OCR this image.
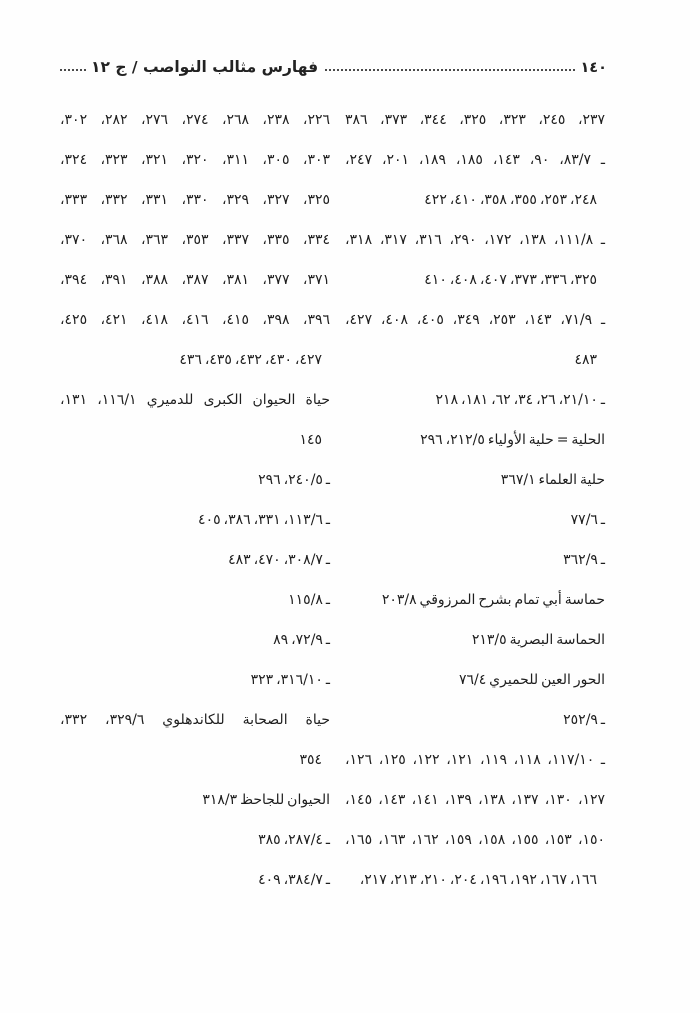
فهارس مثالب النواصب / ج ١٢	١٤٠
٢٣٧، ٢٤٥، ٣٢٣، ٣٢٥، ٣٤٤، ٣٧٣، ٣٨٦
ـ ٨٣/٧، ٩٠، ١٤٣، ١٨٥، ١٨٩، ٢٠١، ٢٤٧،
٢٤٨، ٢٥٣، ٣٥٥، ٣٥٨، ٤١٠، ٤٢٢
ـ ١١١/٨، ١٣٨، ١٧٢، ٢٩٠، ٣١٦، ٣١٧، ٣١٨،
٣٢٥، ٣٣٦، ٣٧٣، ٤٠٧، ٤٠٨، ٤١٠
ـ ٧١/٩، ١٤٣، ٢٥٣، ٣٤٩، ٤٠٥، ٤٠٨، ٤٢٧،
٤٨٣
ـ ٢١/١٠، ٢٦، ٣٤، ٦٢، ١٨١، ٢١٨
الحلية = حلية الأولياء ٢١٢/٥، ٢٩٦
حلية العلماء ٣٦٧/١
ـ ٧٧/٦
ـ ٣٦٢/٩
حماسة أبي تمام بشرح المرزوقي ٢٠٣/٨
الحماسة البصرية ٢١٣/٥
الحور العين للحميري ٧٦/٤
ـ ٢٥٢/٩
ـ ١١٧/١٠، ١١٨، ١١٩، ١٢١، ١٢٢، ١٢٥، ١٢٦،
١٢٧، ١٣٠، ١٣٧، ١٣٨، ١٣٩، ١٤١، ١٤٣، ١٤٥،
١٥٠، ١٥٣، ١٥٥، ١٥٨، ١٥٩، ١٦٢، ١٦٣، ١٦٥،
١٦٦، ١٦٧، ١٩٢، ١٩٦، ٢٠٤، ٢١٠، ٢١٣، ٢١٧،
٢٢٦، ٢٣٨، ٢٦٨، ٢٧٤، ٢٧٦، ٢٨٢، ٣٠٢،
٣٠٣، ٣٠٥، ٣١١، ٣٢٠، ٣٢١، ٣٢٣، ٣٢٤،
٣٢٥، ٣٢٧، ٣٢٩، ٣٣٠، ٣٣١، ٣٣٢، ٣٣٣،
٣٣٤، ٣٣٥، ٣٣٧، ٣٥٣، ٣٦٣، ٣٦٨، ٣٧٠،
٣٧١، ٣٧٧، ٣٨١، ٣٨٧، ٣٨٨، ٣٩١، ٣٩٤،
٣٩٦، ٣٩٨، ٤١٥، ٤١٦، ٤١٨، ٤٢١، ٤٢٥،
٤٢٧، ٤٣٠، ٤٣٢، ٤٣٥، ٤٣٦
حياة الحيوان الكبرى للدميري ١١٦/١، ١٣١،
١٤٥
ـ ٢٤٠/٥، ٢٩٦
ـ ١١٣/٦، ٣٣١، ٣٨٦، ٤٠٥
ـ ٣٠٨/٧، ٤٧٠، ٤٨٣
ـ ١١٥/٨
ـ ٧٢/٩، ٨٩
ـ ٣١٦/١٠، ٣٢٣
حياة الصحابة للكاندهلوي ٣٢٩/٦، ٣٣٢،
٣٥٤
الحيوان للجاحظ ٣١٨/٣
ـ ٢٨٧/٤، ٣٨٥
ـ ٣٨٤/٧، ٤٠٩
